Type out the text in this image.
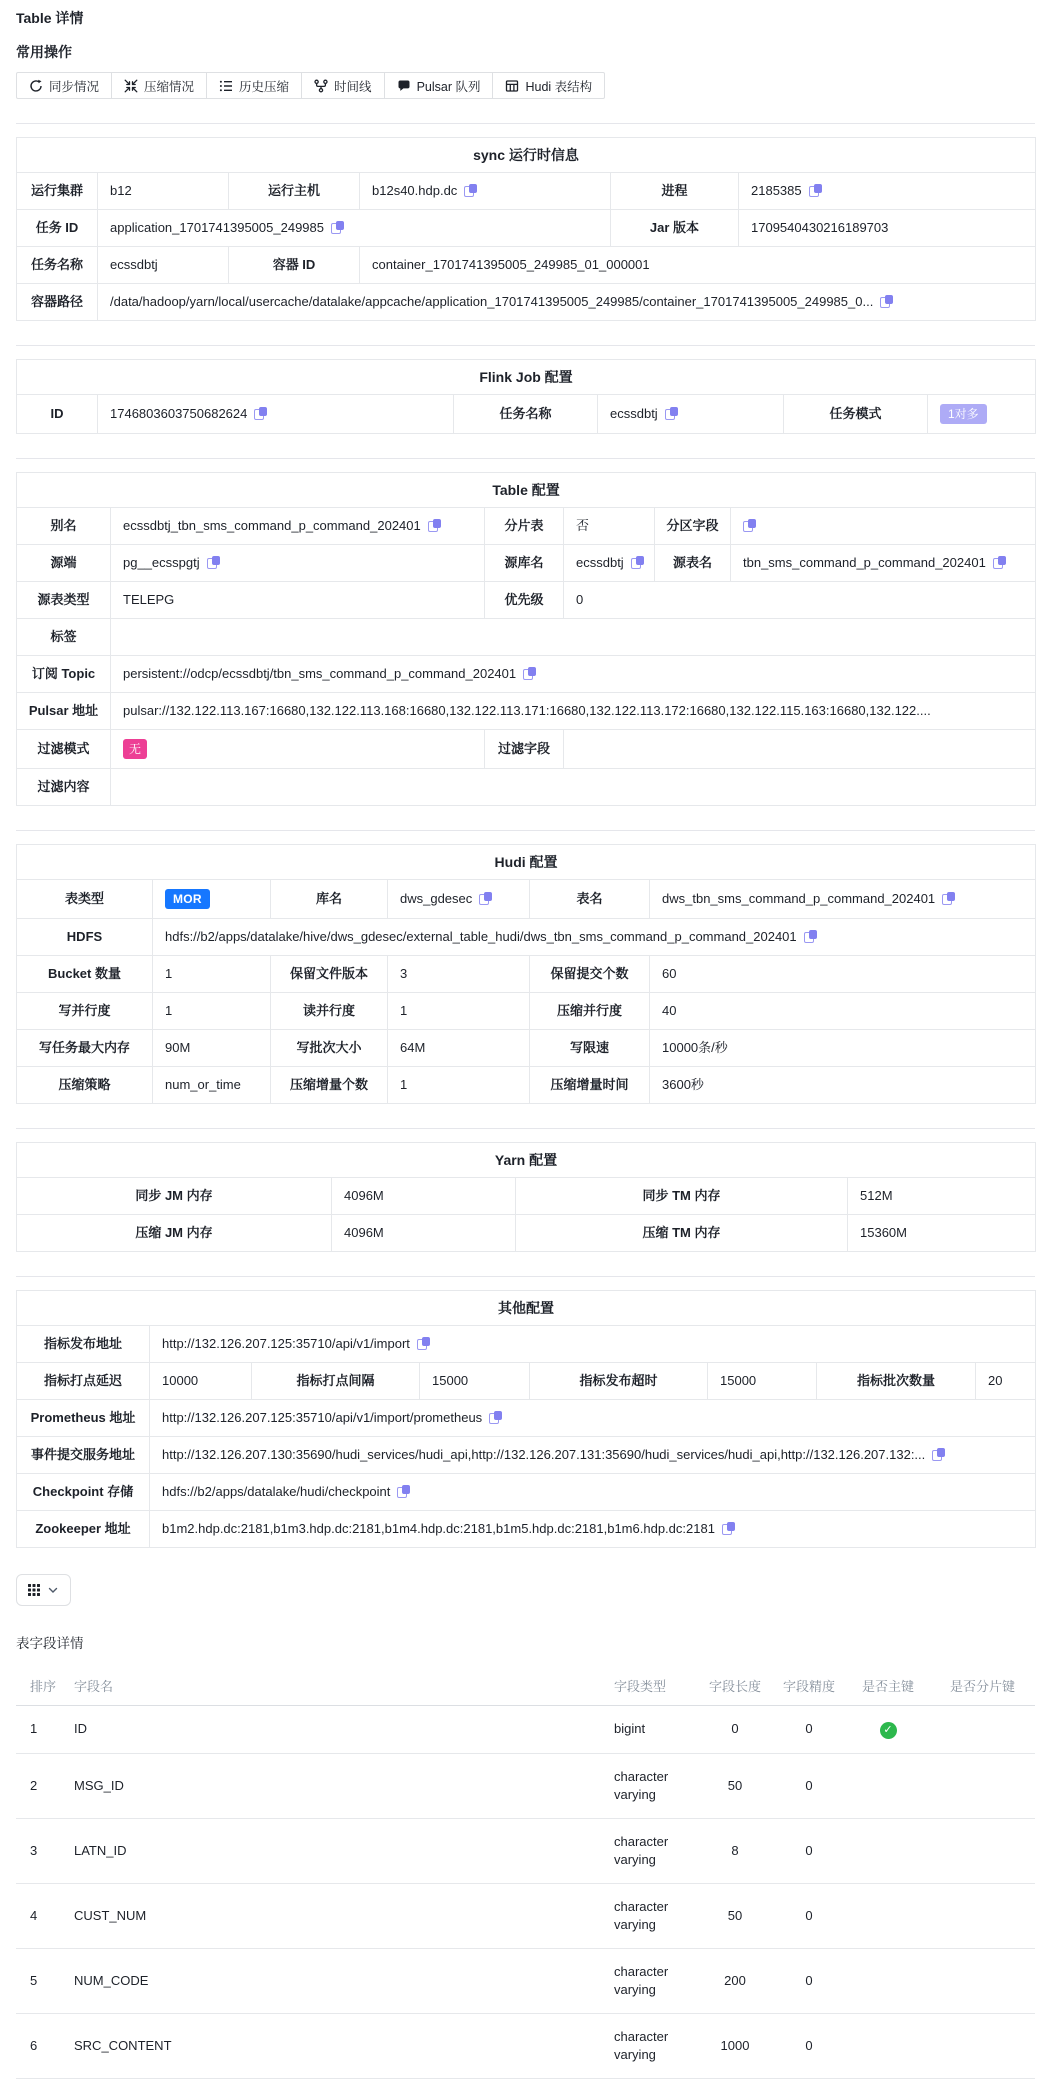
Table 详情
常用操作
同步情况	压缩情况	历史压缩	时间线	Pulsar 队列	Hudi 表结构
sync 运行时信息					
运行集群	b12	运行主机	b12s40.hdp.dc	进程	2185385
任务 ID	application_1701741395005_249985			Jar 版本	1709540430216189703
任务名称	ecssdbtj	容器 ID	container_1701741395005_249985_01_000001		
容器路径	/data/hadoop/yarn/local/usercache/datalake/appcache/application_1701741395005_249985/container_1701741395005_249985_0...				
Flink Job 配置
ID	1746803603750682624	任务名称	ecssdbtj	任务模式	1对多
Table 配置					
别名	ecssdbtj_tbn_sms_command_p_command_202401	分片表	否	分区字段	
源端	pg__ecsspgtj	源库名	ecssdbtj	源表名	tbn_sms_command_p_command_202401
源表类型	TELEPG	优先级	0		
标签					
订阅 Topic	persistent://odcp/ecssdbtj/tbn_sms_command_p_command_202401				
Pulsar 地址	pulsar://132.122.113.167:16680,132.122.113.168:16680,132.122.113.171:16680,132.122.113.172:16680,132.122.115.163:16680,132.122....				
过滤模式	无	过滤字段			
过滤内容					
Hudi 配置					
表类型	MOR	库名	dws_gdesec	表名	dws_tbn_sms_command_p_command_202401
HDFS	hdfs://b2/apps/datalake/hive/dws_gdesec/external_table_hudi/dws_tbn_sms_command_p_command_202401				
Bucket 数量	1	保留文件版本	3	保留提交个数	60
写并行度	1	读并行度	1	压缩并行度	40
写任务最大内存	90M	写批次大小	64M	写限速	10000条/秒
压缩策略	num_or_time	压缩增量个数	1	压缩增量时间	3600秒
Yarn 配置			
同步 JM 内存	4096M	同步 TM 内存	512M
压缩 JM 内存	4096M	压缩 TM 内存	15360M
其他配置							
指标发布地址	http://132.126.207.125:35710/api/v1/import						
指标打点延迟	10000	指标打点间隔	15000	指标发布超时	15000	指标批次数量	20
Prometheus 地址	http://132.126.207.125:35710/api/v1/import/prometheus						
事件提交服务地址	http://132.126.207.130:35690/hudi_services/hudi_api,http://132.126.207.131:35690/hudi_services/hudi_api,http://132.126.207.132:...						
Checkpoint 存储	hdfs://b2/apps/datalake/hudi/checkpoint						
Zookeeper 地址	b1m2.hdp.dc:2181,b1m3.hdp.dc:2181,b1m4.hdp.dc:2181,b1m5.hdp.dc:2181,b1m6.hdp.dc:2181						
表字段详情
排序	字段名	字段类型	字段长度	字段精度	是否主键	是否分片键
1	ID	bigint	0	0	✓	
2	MSG_ID	character varying	50	0		
3	LATN_ID	character varying	8	0		
4	CUST_NUM	character varying	50	0		
5	NUM_CODE	character varying	200	0		
6	SRC_CONTENT	character varying	1000	0		
